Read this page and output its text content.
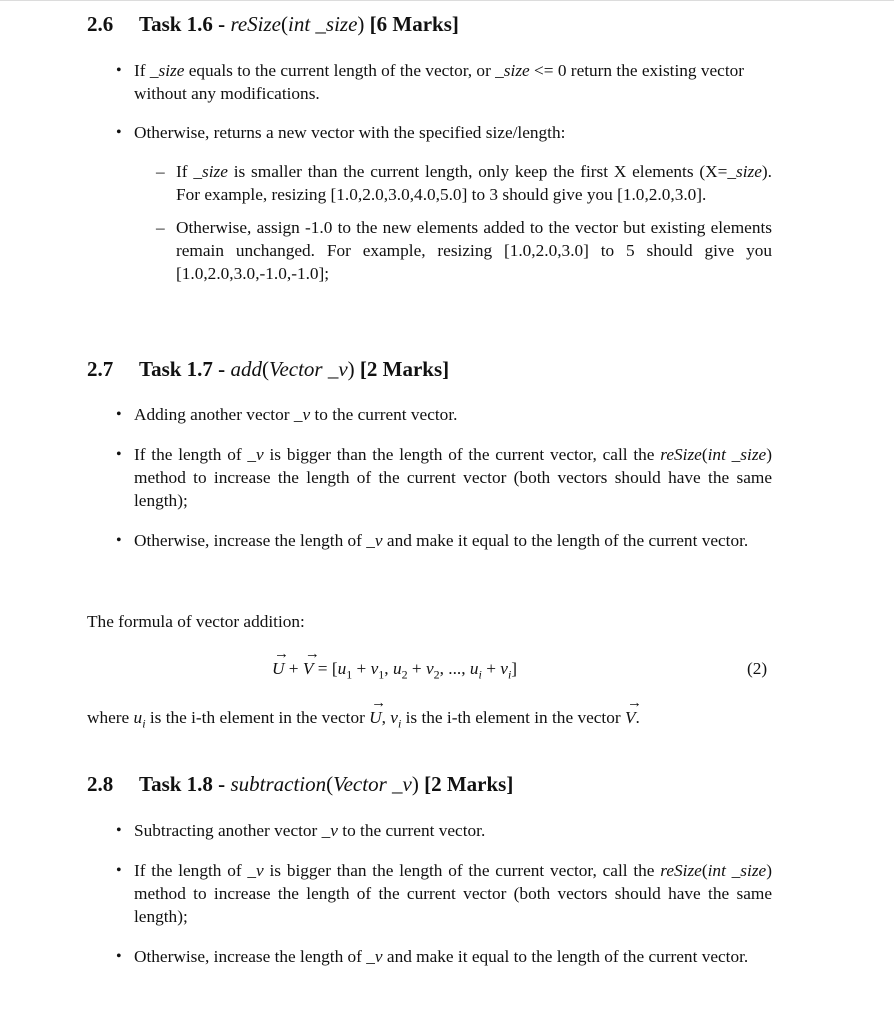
2.6 Task 1.6 - reSize(int _size) [6 Marks]

• If _size equals to the current length of the vector, or _size <= 0 return the existing vector without any modifications.

• Otherwise, returns a new vector with the specified size/length:

– If _size is smaller than the current length, only keep the first X elements (X=_size). For example, resizing [1.0,2.0,3.0,4.0,5.0] to 3 should give you [1.0,2.0,3.0].

– Otherwise, assign -1.0 to the new elements added to the vector but existing elements remain unchanged. For example, resizing [1.0,2.0,3.0] to 5 should give you [1.0,2.0,3.0,-1.0,-1.0];

2.7 Task 1.7 - add(Vector _v) [2 Marks]

• Adding another vector _v to the current vector.

• If the length of _v is bigger than the length of the current vector, call the reSize(int _size) method to increase the length of the current vector (both vectors should have the same length);

• Otherwise, increase the length of _v and make it equal to the length of the current vector.

The formula of vector addition:
→ U + → $V = [u_1 + v_1$, $u_2 + v_2$, ..., $u_i + v_i$]	(2)
where $u_i$ is the i-th element in the vector → U, $v_i$ is the i-th element in the vector → V.
2.8 Task 1.8 - subtraction(Vector _v) [2 Marks]

• Subtracting another vector _v to the current vector.

• If the length of _v is bigger than the length of the current vector, call the reSize(int _size) method to increase the length of the current vector (both vectors should have the same length);

• Otherwise, increase the length of _v and make it equal to the length of the current vector.
